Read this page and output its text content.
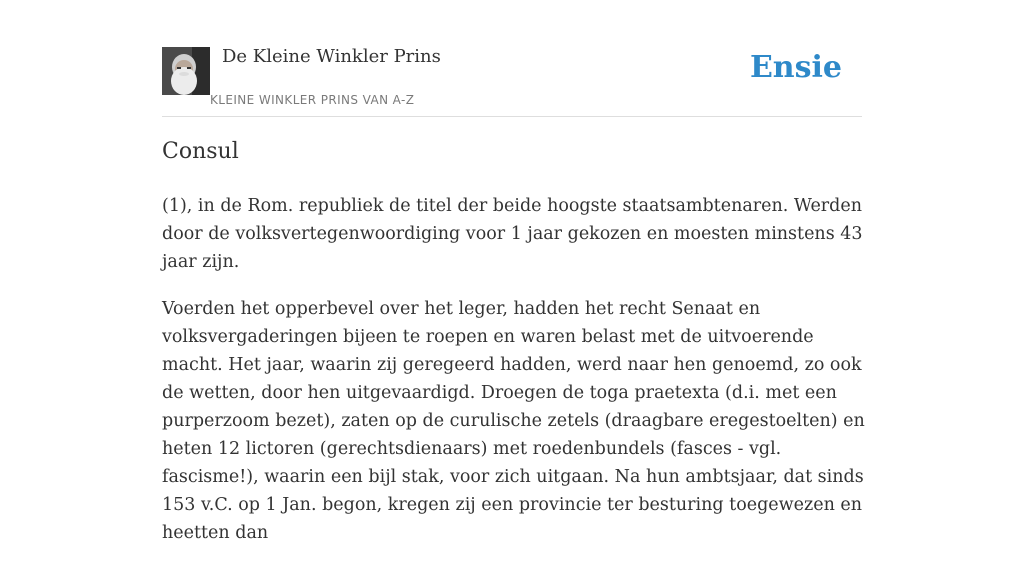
De Kleine Winkler Prins
KLEINE WINKLER PRINS VAN A-Z
Ensie
Consul

(1), in de Rom. republiek de titel der beide hoogste staatsambtenaren. Werden door de volksvertegenwoordiging voor 1 jaar gekozen en moesten minstens 43 jaar zijn.

Voerden het opperbevel over het leger, hadden het recht Senaat en volksvergaderingen bijeen te roepen en waren belast met de uitvoerende macht. Het jaar, waarin zij geregeerd hadden, werd naar hen genoemd, zo ook de wetten, door hen uitgevaardigd. Droegen de toga praetexta (d.i. met een purperzoom bezet), zaten op de curulische zetels (draagbare eregestoelten) en heten 12 lictoren (gerechtsdienaars) met roedenbundels (fasces - vgl. fascisme!), waarin een bijl stak, voor zich uitgaan. Na hun ambtsjaar, dat sinds 153 v.C. op 1 Jan. begon, kregen zij een provincie ter besturing toegewezen en heetten dan
